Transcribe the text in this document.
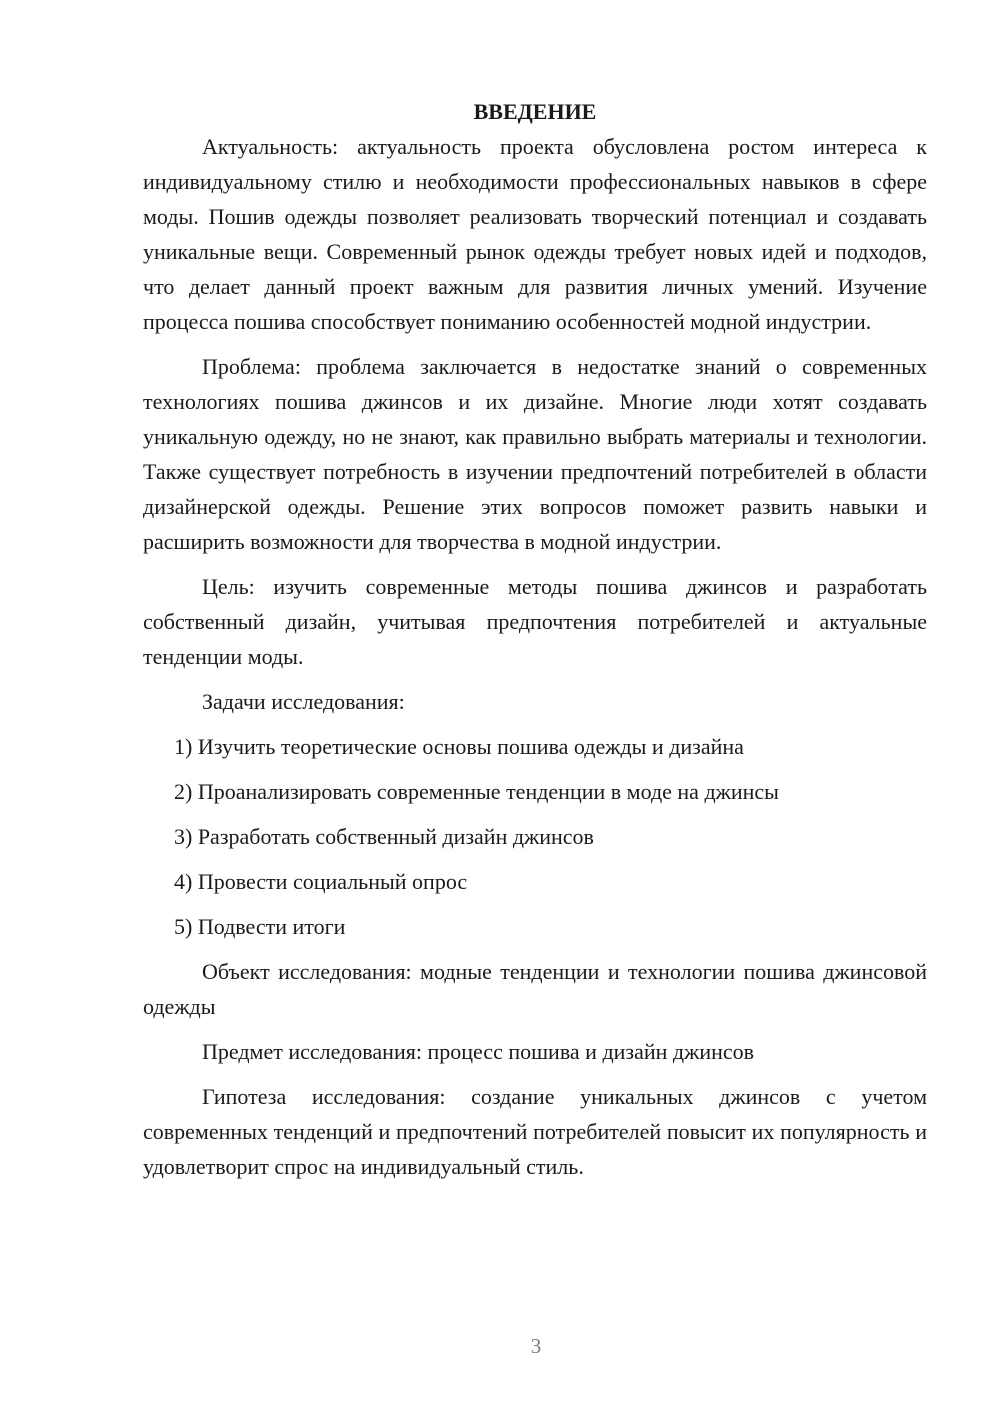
ВВЕДЕНИЕ

Актуальность: актуальность проекта обусловлена ростом интереса к индивидуальному стилю и необходимости профессиональных навыков в сфере моды. Пошив одежды позволяет реализовать творческий потенциал и создавать уникальные вещи. Современный рынок одежды требует новых идей и подходов, что делает данный проект важным для развития личных умений. Изучение процесса пошива способствует пониманию особенностей модной индустрии.

Проблема: проблема заключается в недостатке знаний о современных технологиях пошива джинсов и их дизайне. Многие люди хотят создавать уникальную одежду, но не знают, как правильно выбрать материалы и технологии. Также существует потребность в изучении предпочтений потребителей в области дизайнерской одежды. Решение этих вопросов поможет развить навыки и расширить возможности для творчества в модной индустрии.

Цель: изучить современные методы пошива джинсов и разработать собственный дизайн, учитывая предпочтения потребителей и актуальные тенденции моды.

Задачи исследования:

1) Изучить теоретические основы пошива одежды и дизайна

2) Проанализировать современные тенденции в моде на джинсы

3) Разработать собственный дизайн джинсов

4) Провести социальный опрос

5) Подвести итоги

Объект исследования: модные тенденции и технологии пошива джинсовой одежды

Предмет исследования: процесс пошива и дизайн джинсов

Гипотеза исследования: создание уникальных джинсов с учетом современных тенденций и предпочтений потребителей повысит их популярность и удовлетворит спрос на индивидуальный стиль.

3
